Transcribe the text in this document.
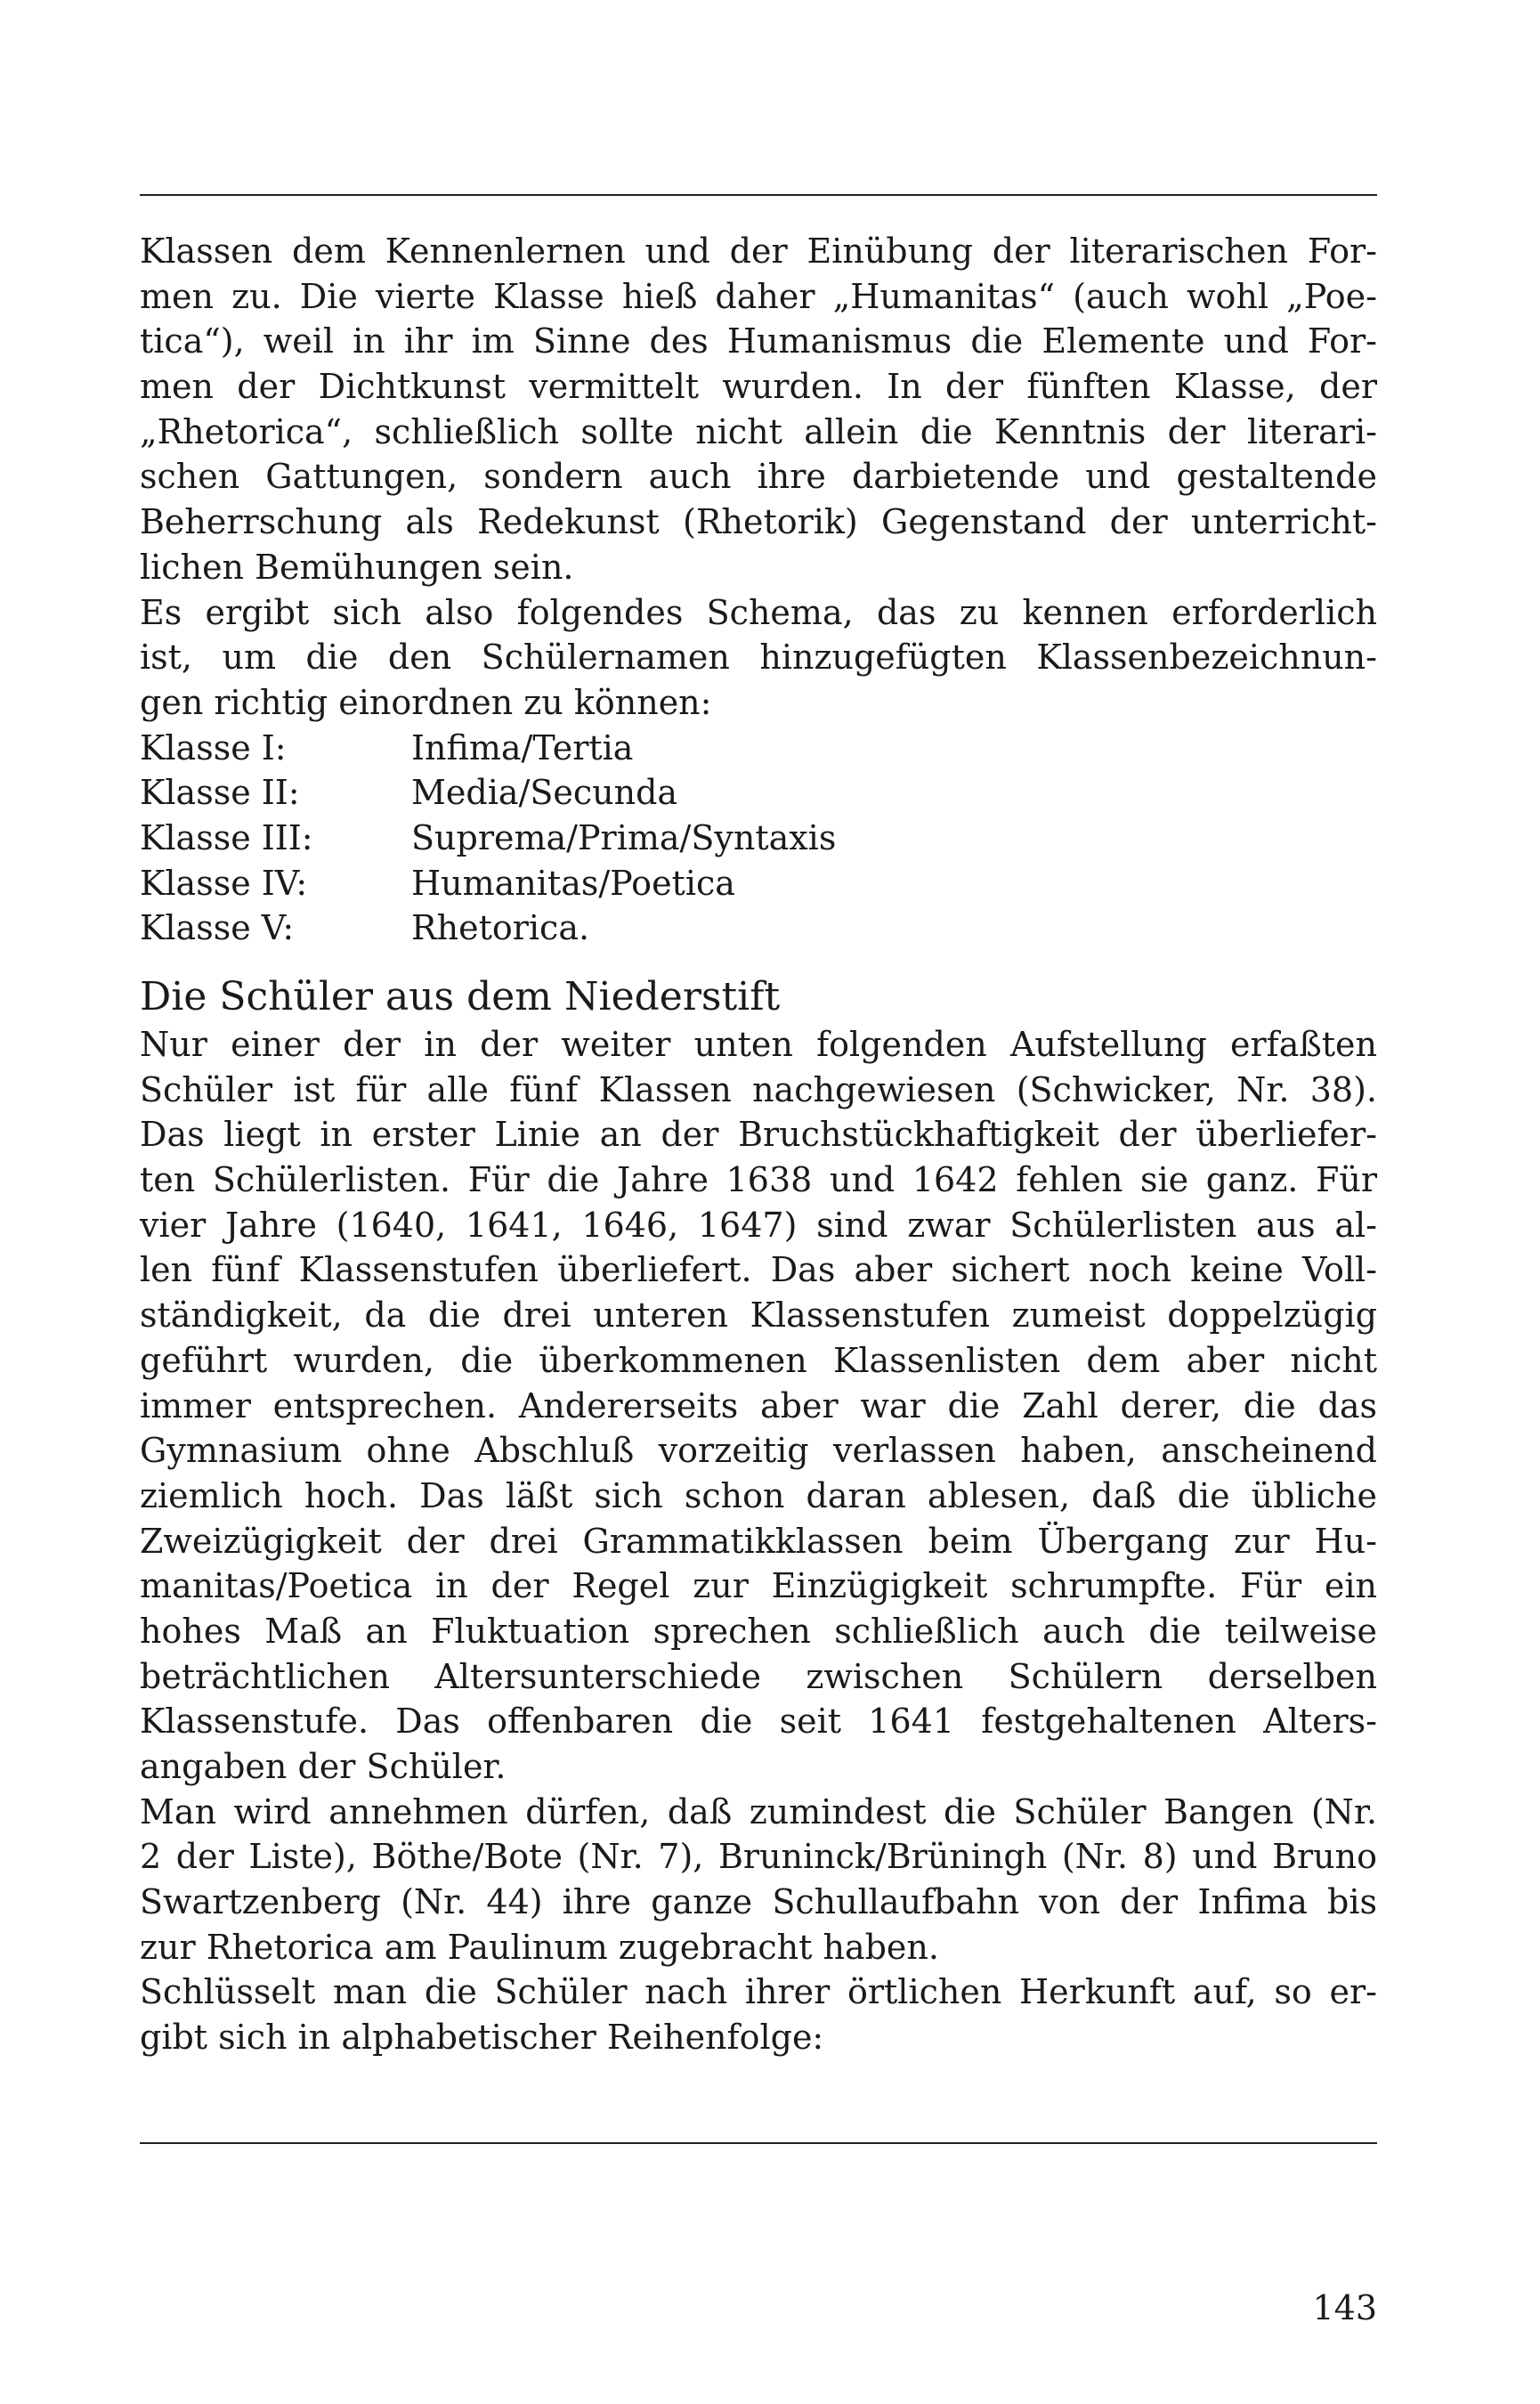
Klassen dem Kennenlernen und der Einübung der literarischen For-
men zu. Die vierte Klasse hieß daher „Humanitas“ (auch wohl „Poe-
tica“), weil in ihr im Sinne des Humanismus die Elemente und For-
men der Dichtkunst vermittelt wurden. In der fünften Klasse, der
„Rhetorica“, schließlich sollte nicht allein die Kenntnis der literari-
schen Gattungen, sondern auch ihre darbietende und gestaltende
Beherrschung als Redekunst (Rhetorik) Gegenstand der unterricht-
lichen Bemühungen sein.
Es ergibt sich also folgendes Schema, das zu kennen erforderlich
ist, um die den Schülernamen hinzugefügten Klassenbezeichnun-
gen richtig einordnen zu können:
Klasse I:	Infima/Tertia
Klasse II:	Media/Secunda
Klasse III:	Suprema/Prima/Syntaxis
Klasse IV:	Humanitas/Poetica
Klasse V:	Rhetorica.
Die Schüler aus dem Niederstift
Nur einer der in der weiter unten folgenden Aufstellung erfaßten
Schüler ist für alle fünf Klassen nachgewiesen (Schwicker, Nr. 38).
Das liegt in erster Linie an der Bruchstückhaftigkeit der überliefer-
ten Schülerlisten. Für die Jahre 1638 und 1642 fehlen sie ganz. Für
vier Jahre (1640, 1641, 1646, 1647) sind zwar Schülerlisten aus al-
len fünf Klassenstufen überliefert. Das aber sichert noch keine Voll-
ständigkeit, da die drei unteren Klassenstufen zumeist doppelzügig
geführt wurden, die überkommenen Klassenlisten dem aber nicht
immer entsprechen. Andererseits aber war die Zahl derer, die das
Gymnasium ohne Abschluß vorzeitig verlassen haben, anscheinend
ziemlich hoch. Das läßt sich schon daran ablesen, daß die übliche
Zweizügigkeit der drei Grammatikklassen beim Übergang zur Hu-
manitas/Poetica in der Regel zur Einzügigkeit schrumpfte. Für ein
hohes Maß an Fluktuation sprechen schließlich auch die teilweise
beträchtlichen Altersunterschiede zwischen Schülern derselben
Klassenstufe. Das offenbaren die seit 1641 festgehaltenen Alters-
angaben der Schüler.
Man wird annehmen dürfen, daß zumindest die Schüler Bangen (Nr.
2 der Liste), Böthe/Bote (Nr. 7), Bruninck/Brüningh (Nr. 8) und Bruno
Swartzenberg (Nr. 44) ihre ganze Schullaufbahn von der Infima bis
zur Rhetorica am Paulinum zugebracht haben.
Schlüsselt man die Schüler nach ihrer örtlichen Herkunft auf, so er-
gibt sich in alphabetischer Reihenfolge:
143
